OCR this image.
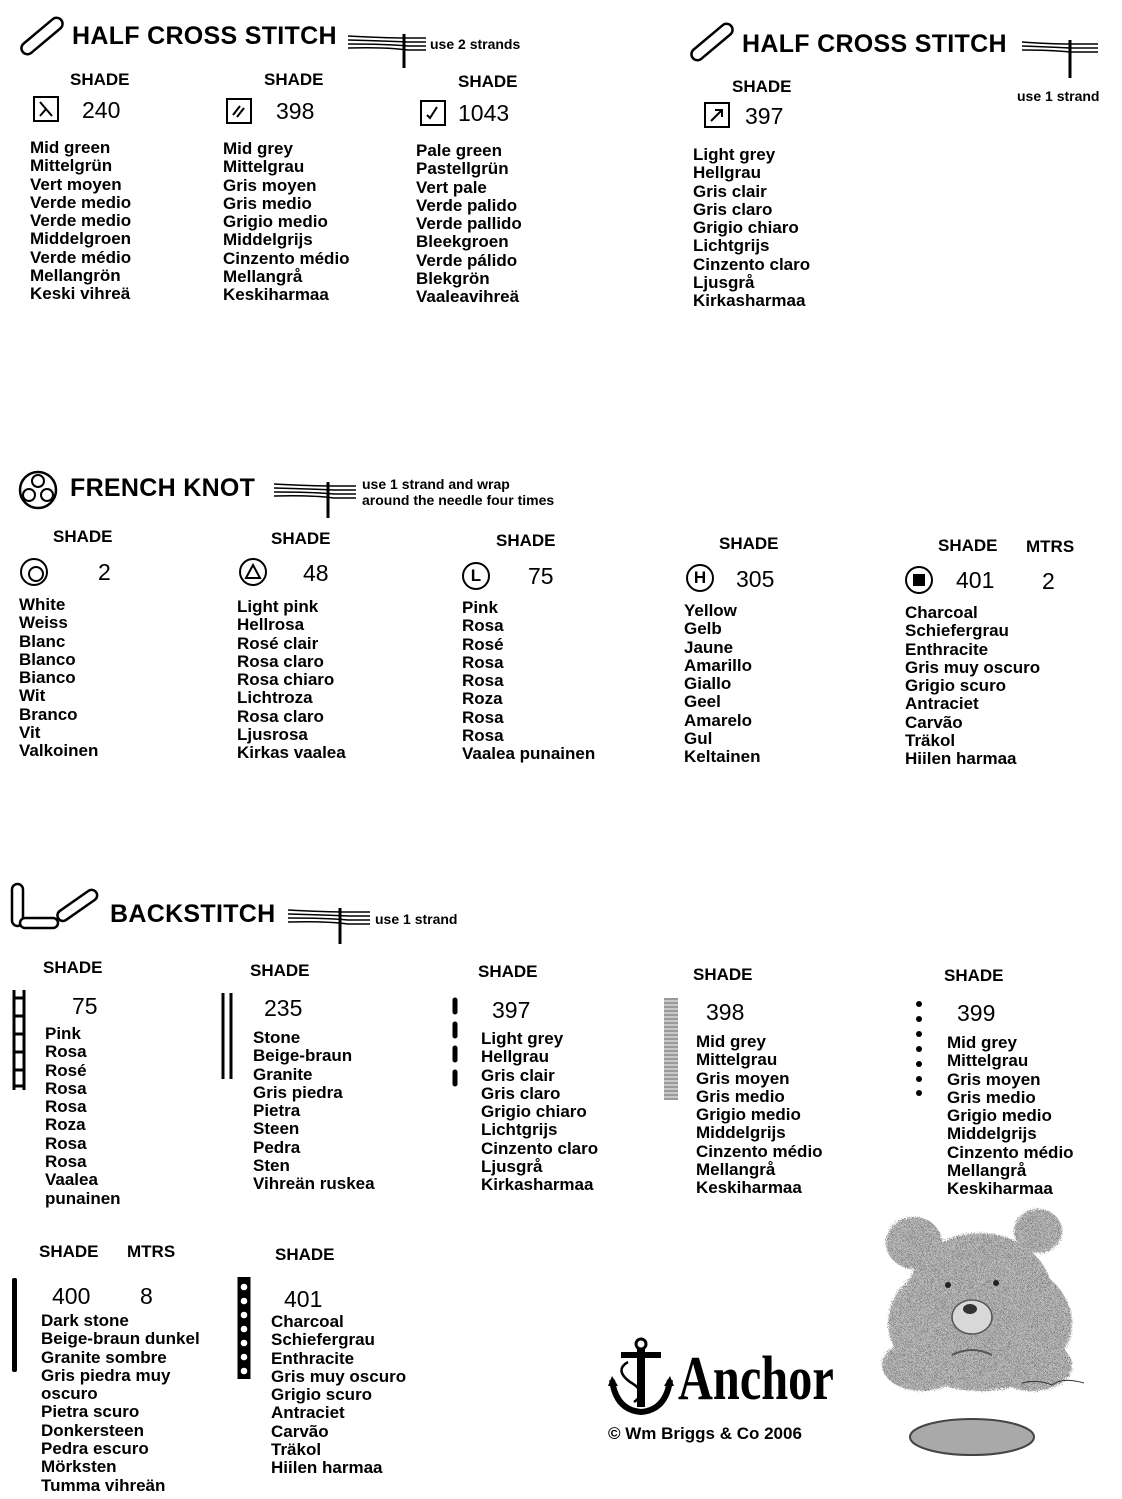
HALF CROSS STITCH	use 2 strands
SHADE
240
Mid green
Mittelgrün
Vert moyen
Verde medio
Verde medio
Middelgroen
Verde médio
Mellangrön
Keski vihreä
SHADE
398
Mid grey
Mittelgrau
Gris moyen
Gris medio
Grigio medio
Middelgrijs
Cinzento médio
Mellangrå
Keskiharmaa
SHADE
1043
Pale green
Pastellgrün
Vert pale
Verde palido
Verde pallido
Bleekgroen
Verde pálido
Blekgrön
Vaaleavihreä
HALF CROSS STITCH
use 1 strand
SHADE
397
Light grey
Hellgrau
Gris clair
Gris claro
Grigio chiaro
Lichtgrijs
Cinzento claro
Ljusgrå
Kirkasharmaa
FRENCH KNOT	use 1 strand and wrap
around the needle four times
SHADE
2
White
Weiss
Blanc
Blanco
Bianco
Wit
Branco
Vit
Valkoinen
SHADE
48
Light pink
Hellrosa
Rosé clair
Rosa claro
Rosa chiaro
Lichtroza
Rosa claro
Ljusrosa
Kirkas vaalea
SHADE
L 75
Pink
Rosa
Rosé
Rosa
Rosa
Roza
Rosa
Rosa
Vaalea punainen
SHADE
H 305
Yellow
Gelb
Jaune
Amarillo
Giallo
Geel
Amarelo
Gul
Keltainen
SHADE MTRS
401 2
Charcoal
Schiefergrau
Enthracite
Gris muy oscuro
Grigio scuro
Antraciet
Carvão
Träkol
Hiilen harmaa
BACKSTITCH	use 1 strand
SHADE
75
Pink
Rosa
Rosé
Rosa
Rosa
Roza
Rosa
Rosa
Vaalea
punainen
SHADE
235
Stone
Beige-braun
Granite
Gris piedra
Pietra
Steen
Pedra
Sten
Vihreän ruskea
SHADE
397
Light grey
Hellgrau
Gris clair
Gris claro
Grigio chiaro
Lichtgrijs
Cinzento claro
Ljusgrå
Kirkasharmaa
SHADE
398
Mid grey
Mittelgrau
Gris moyen
Gris medio
Grigio medio
Middelgrijs
Cinzento médio
Mellangrå
Keskiharmaa
SHADE
399
Mid grey
Mittelgrau
Gris moyen
Gris medio
Grigio medio
Middelgrijs
Cinzento médio
Mellangrå
Keskiharmaa
SHADE MTRS
400 8
Dark stone
Beige-braun dunkel
Granite sombre
Gris piedra muy
oscuro
Pietra scuro
Donkersteen
Pedra escuro
Mörksten
Tumma vihreän
SHADE
401
Charcoal
Schiefergrau
Enthracite
Gris muy oscuro
Grigio scuro
Antraciet
Carvão
Träkol
Hiilen harmaa
Anchor
© Wm Briggs & Co 2006
